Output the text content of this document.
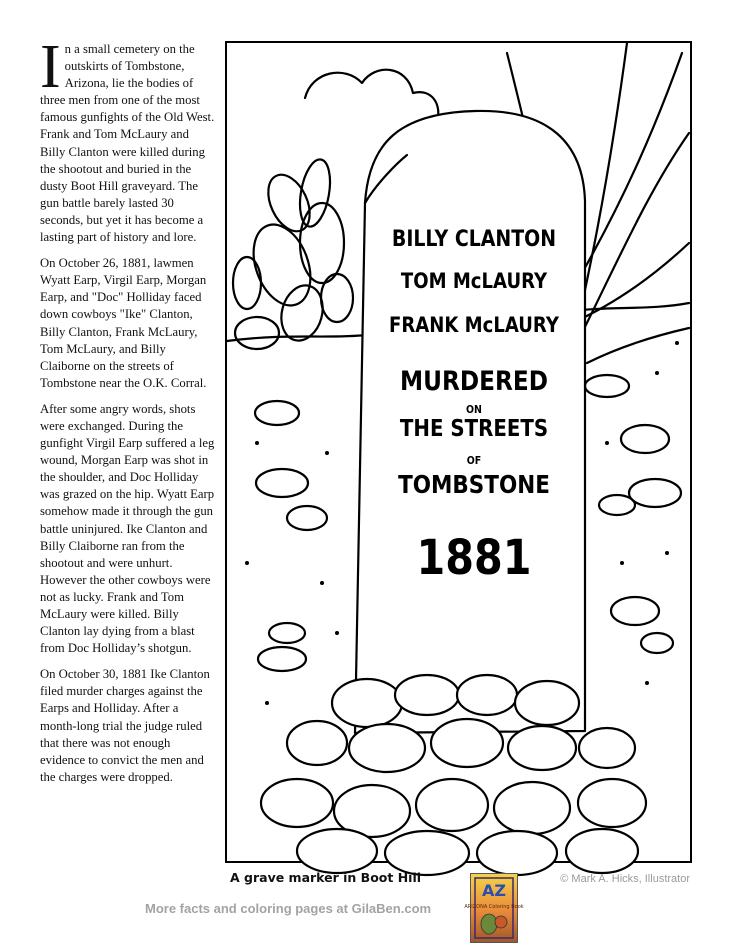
In a small cemetery on the outskirts of Tombstone, Arizona, lie the bodies of three men from one of the most famous gunfights of the Old West. Frank and Tom McLaury and Billy Clanton were killed during the shootout and buried in the dusty Boot Hill graveyard. The gun battle barely lasted 30 seconds, but yet it has become a lasting part of history and lore.

On October 26, 1881, lawmen Wyatt Earp, Virgil Earp, Morgan Earp, and "Doc" Holliday faced down cowboys "Ike" Clanton, Billy Clanton, Frank McLaury, Tom McLaury, and Billy Claiborne on the streets of Tombstone near the O.K. Corral.

After some angry words, shots were exchanged. During the gunfight Virgil Earp suffered a leg wound, Morgan Earp was shot in the shoulder, and Doc Holliday was grazed on the hip. Wyatt Earp somehow made it through the gun battle uninjured. Ike Clanton and Billy Claiborne ran from the shootout and were unhurt. However the other cowboys were not as lucky. Frank and Tom McLaury were killed. Billy Clanton lay dying from a blast from Doc Holliday’s shotgun.

On October 30, 1881 Ike Clanton filed murder charges against the Earps and Holliday. After a month-long trial the judge ruled that there was not enough evidence to convict the men and the charges were dropped.

BILLY CLANTON
TOM McLAURY
FRANK McLAURY
MURDERED
ON
THE STREETS
OF
TOMBSTONE
1881
A grave marker in Boot Hill
AZ
ARIZONA Coloring Book
© Mark A. Hicks, Illustrator
More facts and coloring pages at GilaBen.com
